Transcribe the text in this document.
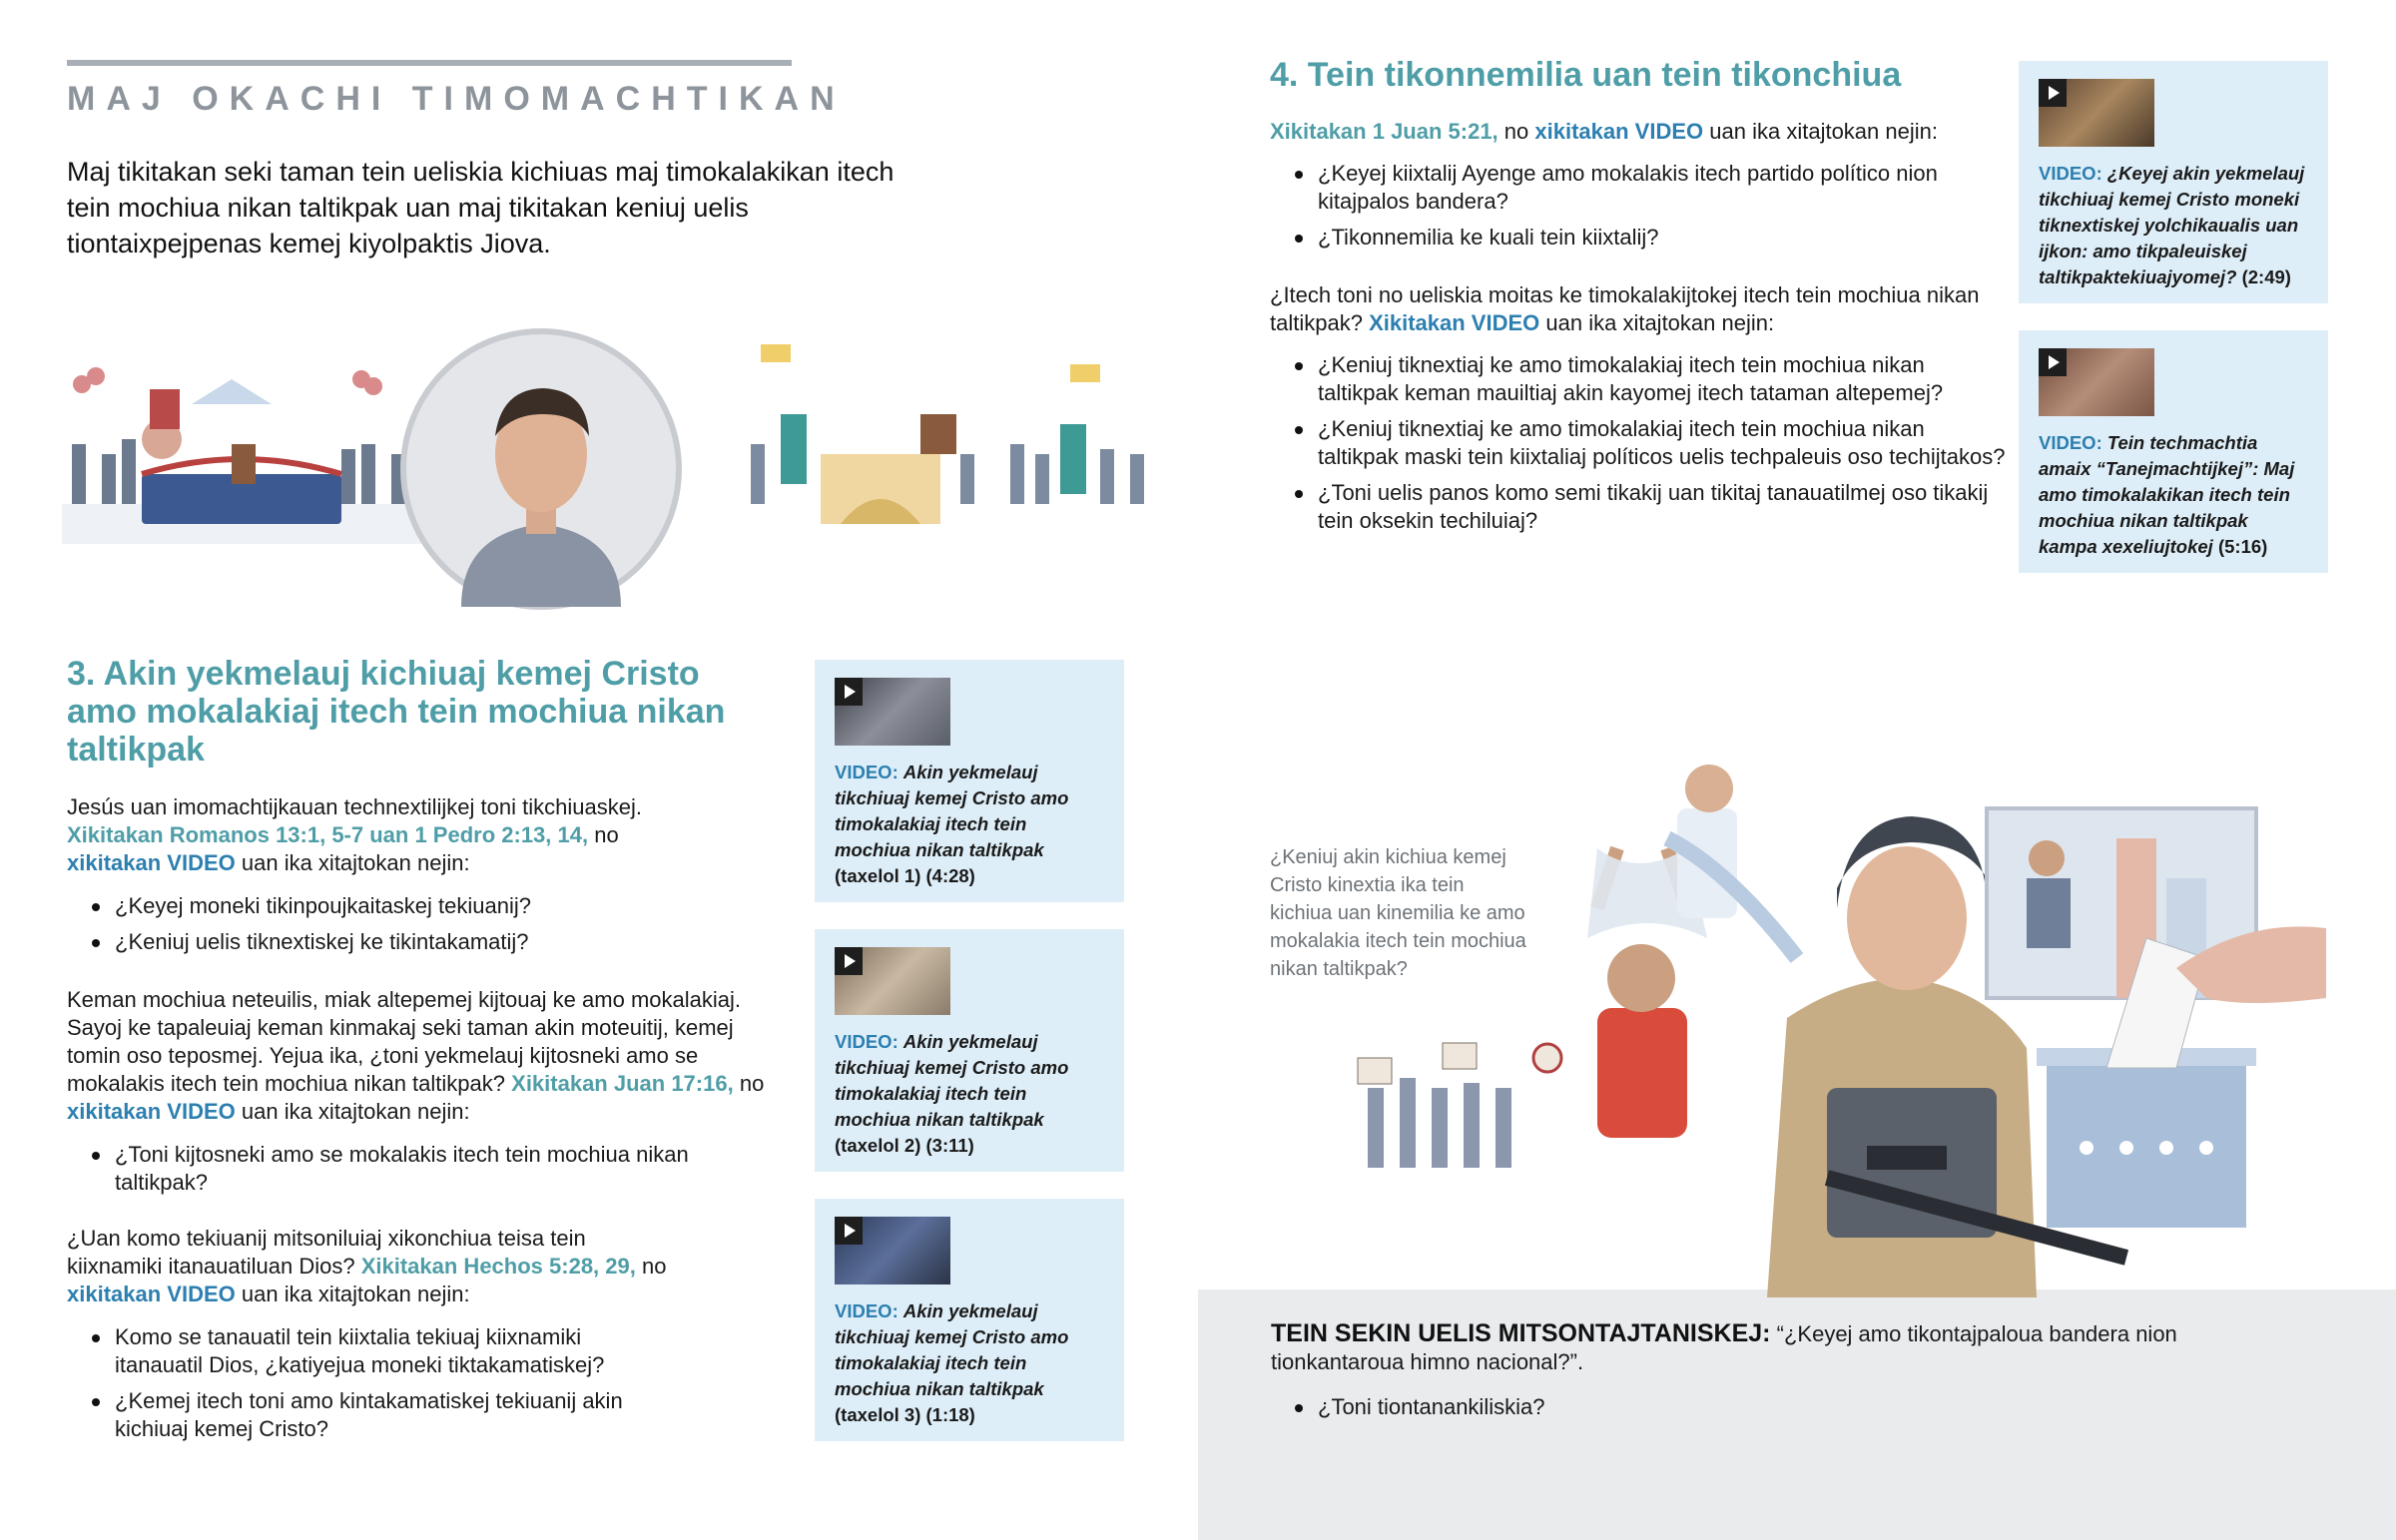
MAJ OKACHI TIMOMACHTIKAN

Maj tikitakan seki taman tein ueliskia kichiuas maj timokalakikan itech tein mochiua nikan taltikpak uan maj tikitakan keniuj uelis tiontaixpejpenas kemej kiyolpaktis Jiova.

3. Akin yekmelauj kichiuaj kemej Cristo amo mokalakiaj itech tein mochiua nikan taltikpak

Jesús uan imomachtijkauan technextilijkej toni tikchiuaskej.
Xikitakan Romanos 13:1, 5-7 uan 1 Pedro 2:13, 14, no
xikitakan VIDEO uan ika xitajtokan nejin:

¿Keyej moneki tikinpoujkaitaskej tekiuanij?
¿Keniuj uelis tiknextiskej ke tikintakamatij?

Keman mochiua neteuilis, miak altepemej kijtouaj ke amo mokalakiaj. Sayoj ke tapaleuiaj keman kinmakaj seki taman akin moteuitij, kemej tomin oso teposmej. Yejua ika, ¿toni yekmelauj kijtosneki amo se mokalakis itech tein mochiua nikan taltikpak? Xikitakan Juan 17:16, no xikitakan VIDEO uan ika xitajtokan nejin:

¿Toni kijtosneki amo se mokalakis itech tein mochiua nikan taltikpak?

¿Uan komo tekiuanij mitsoniluiaj xikonchiua teisa tein kiixnamiki itanauatiluan Dios? Xikitakan Hechos 5:28, 29, no xikitakan VIDEO uan ika xitajtokan nejin:

Komo se tanauatil tein kiixtalia tekiuaj kiixnamiki itanauatil Dios, ¿katiyejua moneki tiktakamatiskej?
¿Kemej itech toni amo kintakamatiskej tekiuanij akin kichiuaj kemej Cristo?
VIDEO: Akin yekmelauj tikchiuaj kemej Cristo amo timokalakiaj itech tein mochiua nikan taltikpak (taxelol 1) (4:28)
VIDEO: Akin yekmelauj tikchiuaj kemej Cristo amo timokalakiaj itech tein mochiua nikan taltikpak (taxelol 2) (3:11)
VIDEO: Akin yekmelauj tikchiuaj kemej Cristo amo timokalakiaj itech tein mochiua nikan taltikpak (taxelol 3) (1:18)
4. Tein tikonnemilia uan tein tikonchiua

Xikitakan 1 Juan 5:21, no xikitakan VIDEO uan ika xitajtokan nejin:

¿Keyej kiixtalij Ayenge amo mokalakis itech partido político nion kitajpalos bandera?
¿Tikonnemilia ke kuali tein kiixtalij?

¿Itech toni no ueliskia moitas ke timokalakijtokej itech tein mochiua nikan taltikpak? Xikitakan VIDEO uan ika xitajtokan nejin:

¿Keniuj tiknextiaj ke amo timokalakiaj itech tein mochiua nikan taltikpak keman mauiltiaj akin kayomej itech tataman altepemej?
¿Keniuj tiknextiaj ke amo timokalakiaj itech tein mochiua nikan taltikpak maski tein kiixtaliaj políticos uelis techpaleuis oso techijtakos?
¿Toni uelis panos komo semi tikakij uan tikitaj tanauatilmej oso tikakij tein oksekin techiluiaj?
VIDEO: ¿Keyej akin yekmelauj tikchiuaj kemej Cristo moneki tiknextiskej yolchikaualis uan ijkon: amo tikpaleuiskej taltikpaktekiuajyomej? (2:49)
VIDEO: Tein techmachtia amaix “Tanejmachtijkej”: Maj amo timokalakikan itech tein mochiua nikan taltikpak kampa xexeliujtokej (5:16)

¿Keniuj akin kichiua kemej Cristo kinextia ika tein kichiua uan kinemilia ke amo mokalakia itech tein mochiua nikan taltikpak?

TEIN SEKIN UELIS MITSONTAJTANISKEJ: “¿Keyej amo tikontajpaloua bandera nion tionkantaroua himno nacional?”.

¿Toni tiontanankiliskia?
